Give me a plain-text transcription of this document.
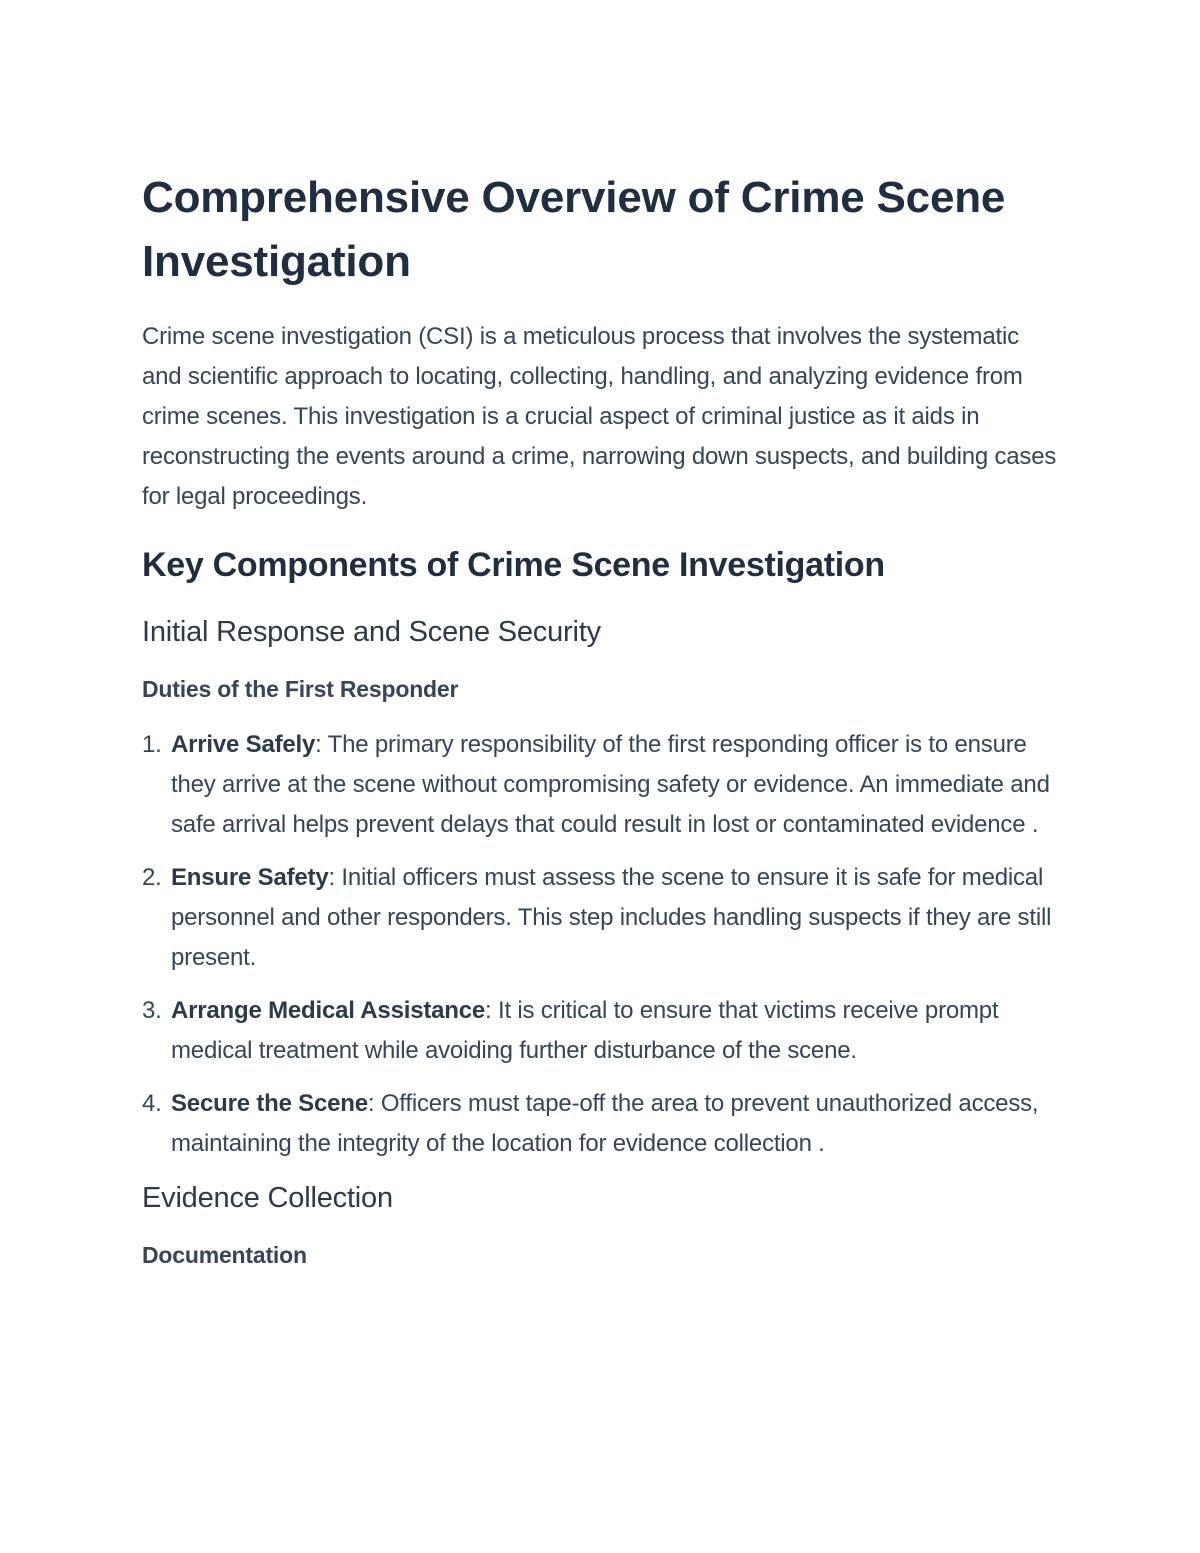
Comprehensive Overview of Crime Scene Investigation

Crime scene investigation (CSI) is a meticulous process that involves the systematic and scientific approach to locating, collecting, handling, and analyzing evidence from crime scenes. This investigation is a crucial aspect of criminal justice as it aids in reconstructing the events around a crime, narrowing down suspects, and building cases for legal proceedings.

Key Components of Crime Scene Investigation
Initial Response and Scene Security
Duties of the First Responder
1. Arrive Safely: The primary responsibility of the first responding officer is to ensure they arrive at the scene without compromising safety or evidence. An immediate and safe arrival helps prevent delays that could result in lost or contaminated evidence .
2. Ensure Safety: Initial officers must assess the scene to ensure it is safe for medical personnel and other responders. This step includes handling suspects if they are still present.
3. Arrange Medical Assistance: It is critical to ensure that victims receive prompt medical treatment while avoiding further disturbance of the scene.
4. Secure the Scene: Officers must tape-off the area to prevent unauthorized access, maintaining the integrity of the location for evidence collection .
Evidence Collection
Documentation
